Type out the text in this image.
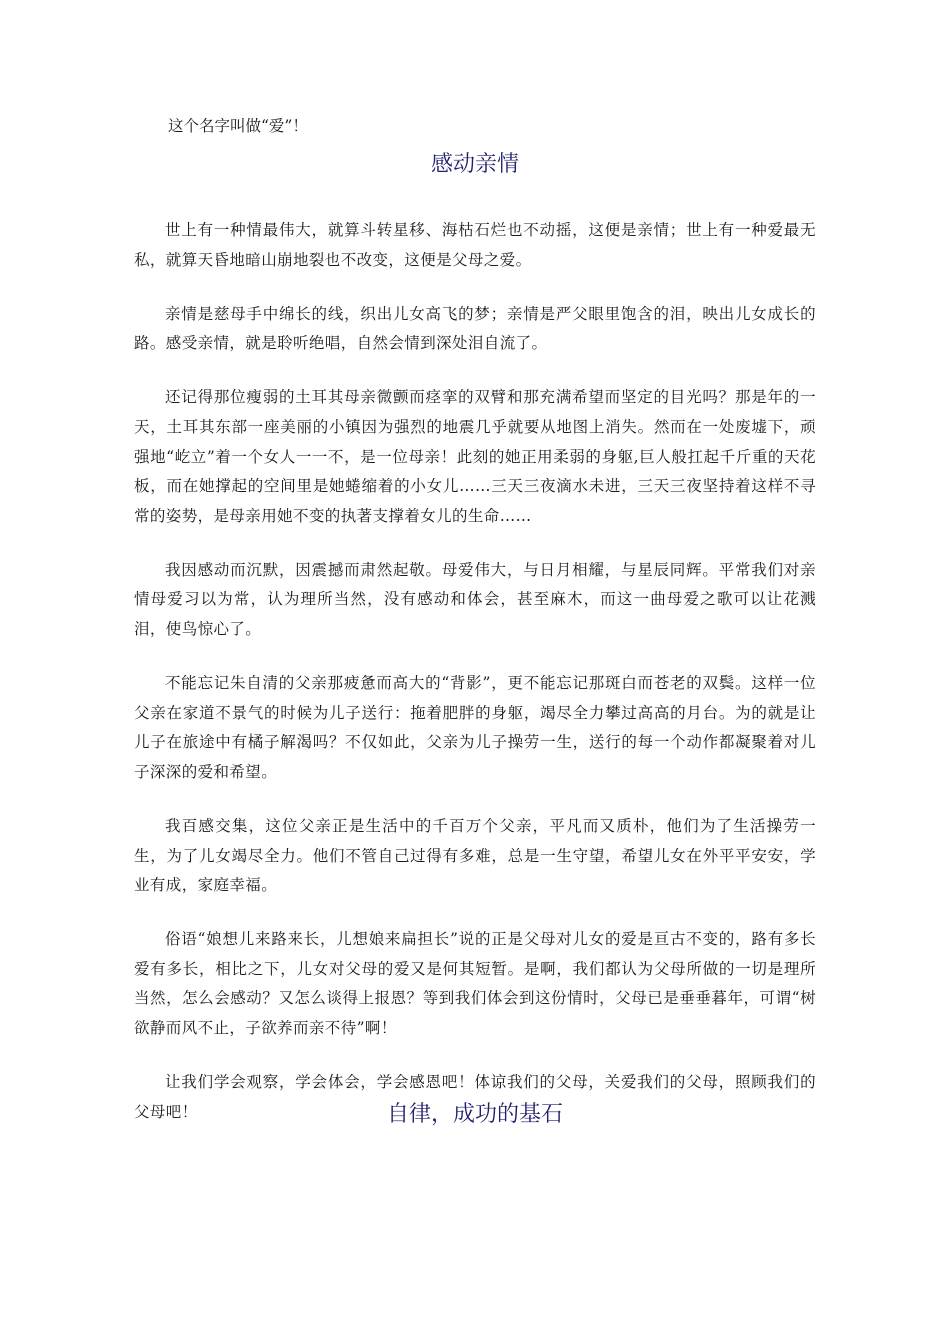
这个名字叫做“爱”！

感动亲情

世上有一种情最伟大，就算斗转星移、海枯石烂也不动摇，这便是亲情；世上有一种爱最无私，就算天昏地暗山崩地裂也不改变，这便是父母之爱。

亲情是慈母手中绵长的线，织出儿女高飞的梦；亲情是严父眼里饱含的泪，映出儿女成长的路。感受亲情，就是聆听绝唱，自然会情到深处泪自流了。

还记得那位瘦弱的土耳其母亲微颤而痉挛的双臂和那充满希望而坚定的目光吗？那是年的一天，土耳其东部一座美丽的小镇因为强烈的地震几乎就要从地图上消失。然而在一处废墟下，顽强地“屹立”着一个女人一一不，是一位母亲！此刻的她正用柔弱的身躯,巨人般扛起千斤重的天花板，而在她撑起的空间里是她蜷缩着的小女儿……三天三夜滴水未进，三天三夜坚持着这样不寻常的姿势，是母亲用她不变的执著支撑着女儿的生命……

我因感动而沉默，因震撼而肃然起敬。母爱伟大，与日月相耀，与星辰同辉。平常我们对亲情母爱习以为常，认为理所当然，没有感动和体会，甚至麻木，而这一曲母爱之歌可以让花溅泪，使鸟惊心了。

不能忘记朱自清的父亲那疲惫而高大的“背影”，更不能忘记那斑白而苍老的双鬓。这样一位父亲在家道不景气的时候为儿子送行：拖着肥胖的身躯，竭尽全力攀过高高的月台。为的就是让儿子在旅途中有橘子解渴吗？不仅如此，父亲为儿子操劳一生，送行的每一个动作都凝聚着对儿子深深的爱和希望。

我百感交集，这位父亲正是生活中的千百万个父亲，平凡而又质朴，他们为了生活操劳一生，为了儿女竭尽全力。他们不管自己过得有多难，总是一生守望，希望儿女在外平平安安，学业有成，家庭幸福。

俗语“娘想儿来路来长，儿想娘来扁担长”说的正是父母对儿女的爱是亘古不变的，路有多长爱有多长，相比之下，儿女对父母的爱又是何其短暂。是啊，我们都认为父母所做的一切是理所当然，怎么会感动？又怎么谈得上报恩？等到我们体会到这份情时，父母已是垂垂暮年，可谓“树欲静而风不止，子欲养而亲不待”啊！

让我们学会观察，学会体会，学会感恩吧！体谅我们的父母，关爱我们的父母，照顾我们的父母吧！	自律，成功的基石
